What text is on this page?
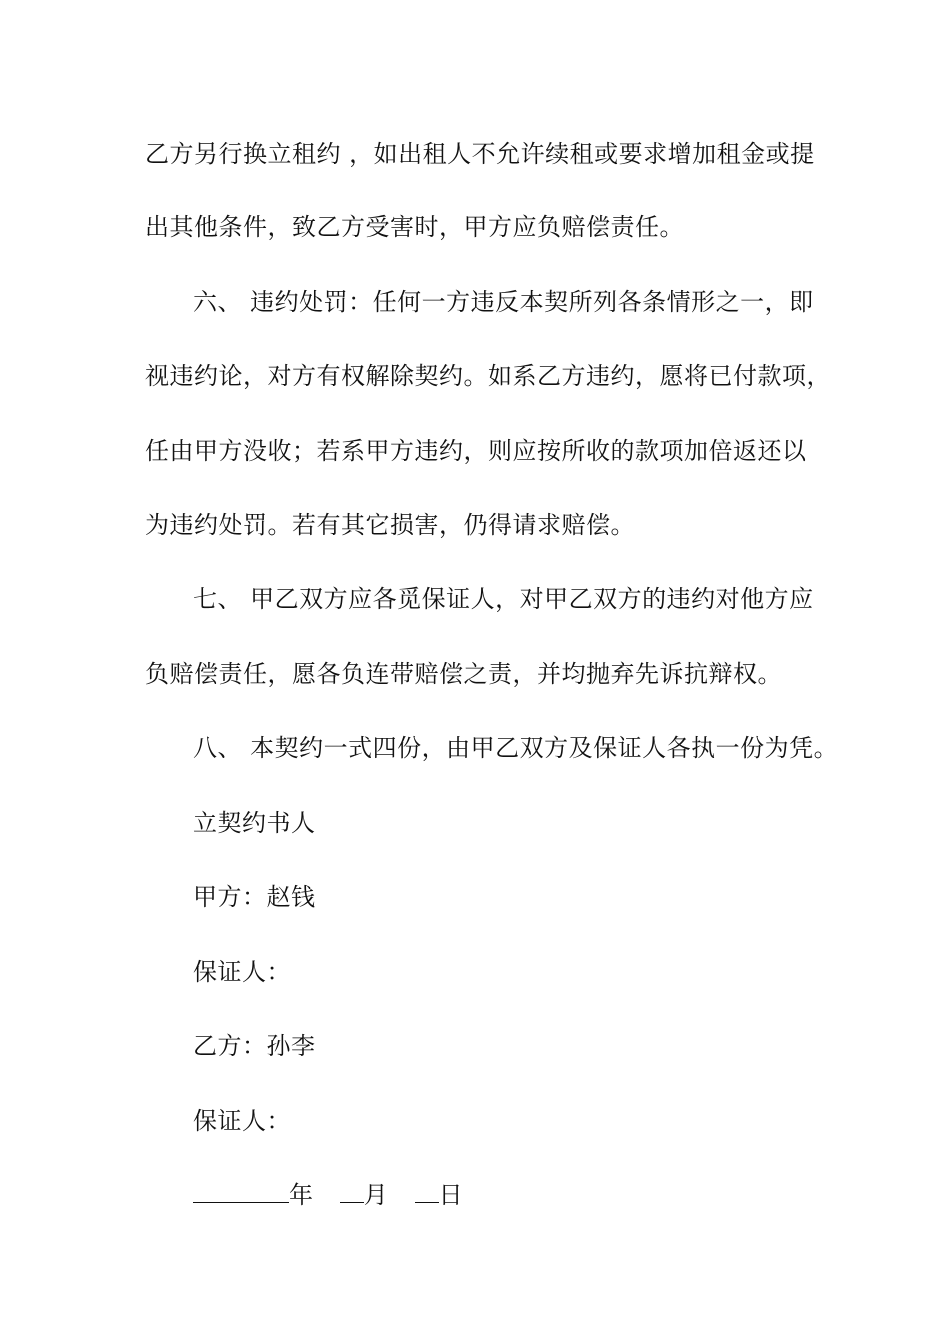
乙方另行换立租约 ，如出租人不允许续租或要求增加租金或提
出其他条件，致乙方受害时，甲方应负赔偿责任。
六、 违约处罚：任何一方违反本契所列各条情形之一，即
视违约论，对方有权解除契约。如系乙方违约，愿将已付款项，
任由甲方没收；若系甲方违约，则应按所收的款项加倍返还以
为违约处罚。若有其它损害，仍得请求赔偿。
七、 甲乙双方应各觅保证人，对甲乙双方的违约对他方应
负赔偿责任，愿各负连带赔偿之责，并均抛弃先诉抗辩权。
八、 本契约一式四份，由甲乙双方及保证人各执一份为凭。
立契约书人
甲方：赵钱
保证人：
乙方：孙李
保证人：
年 月 日
